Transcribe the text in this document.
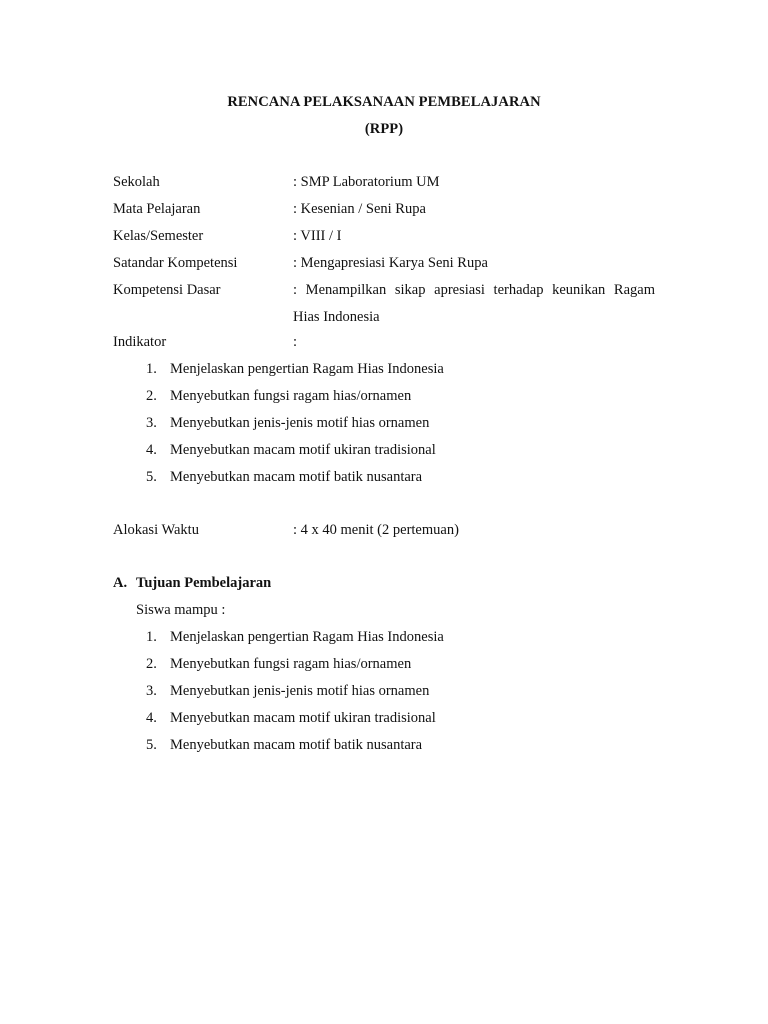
RENCANA PELAKSANAAN PEMBELAJARAN
(RPP)
Sekolah	: SMP Laboratorium UM
Mata Pelajaran	: Kesenian / Seni Rupa
Kelas/Semester	: VIII / I
Satandar Kompetensi	: Mengapresiasi Karya Seni Rupa
Kompetensi Dasar	: Menampilkan sikap apresiasi terhadap keunikan Ragam
Hias Indonesia
Indikator	:
1. Menjelaskan pengertian Ragam Hias Indonesia
2. Menyebutkan fungsi ragam hias/ornamen
3. Menyebutkan jenis-jenis motif hias ornamen
4. Menyebutkan macam motif ukiran tradisional
5. Menyebutkan macam motif batik nusantara
Alokasi Waktu	: 4 x 40 menit (2 pertemuan)
A. Tujuan Pembelajaran
Siswa mampu :
1. Menjelaskan pengertian Ragam Hias Indonesia
2. Menyebutkan fungsi ragam hias/ornamen
3. Menyebutkan jenis-jenis motif hias ornamen
4. Menyebutkan macam motif ukiran tradisional
5. Menyebutkan macam motif batik nusantara
